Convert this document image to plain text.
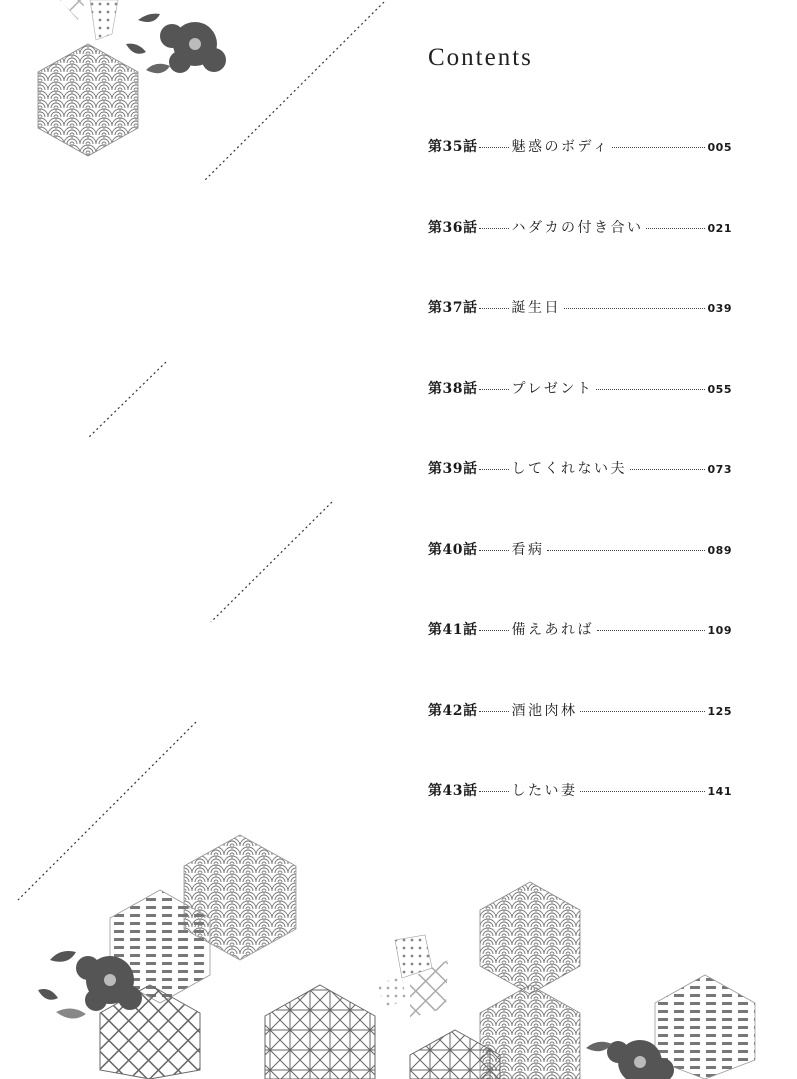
Contents
第35話 魅惑のボディ	005
第36話 ハダカの付き合い	021
第37話 誕生日	039
第38話 プレゼント	055
第39話 してくれない夫	073
第40話 看病	089
第41話 備えあれば	109
第42話 酒池肉林	125
第43話 したい妻	141
